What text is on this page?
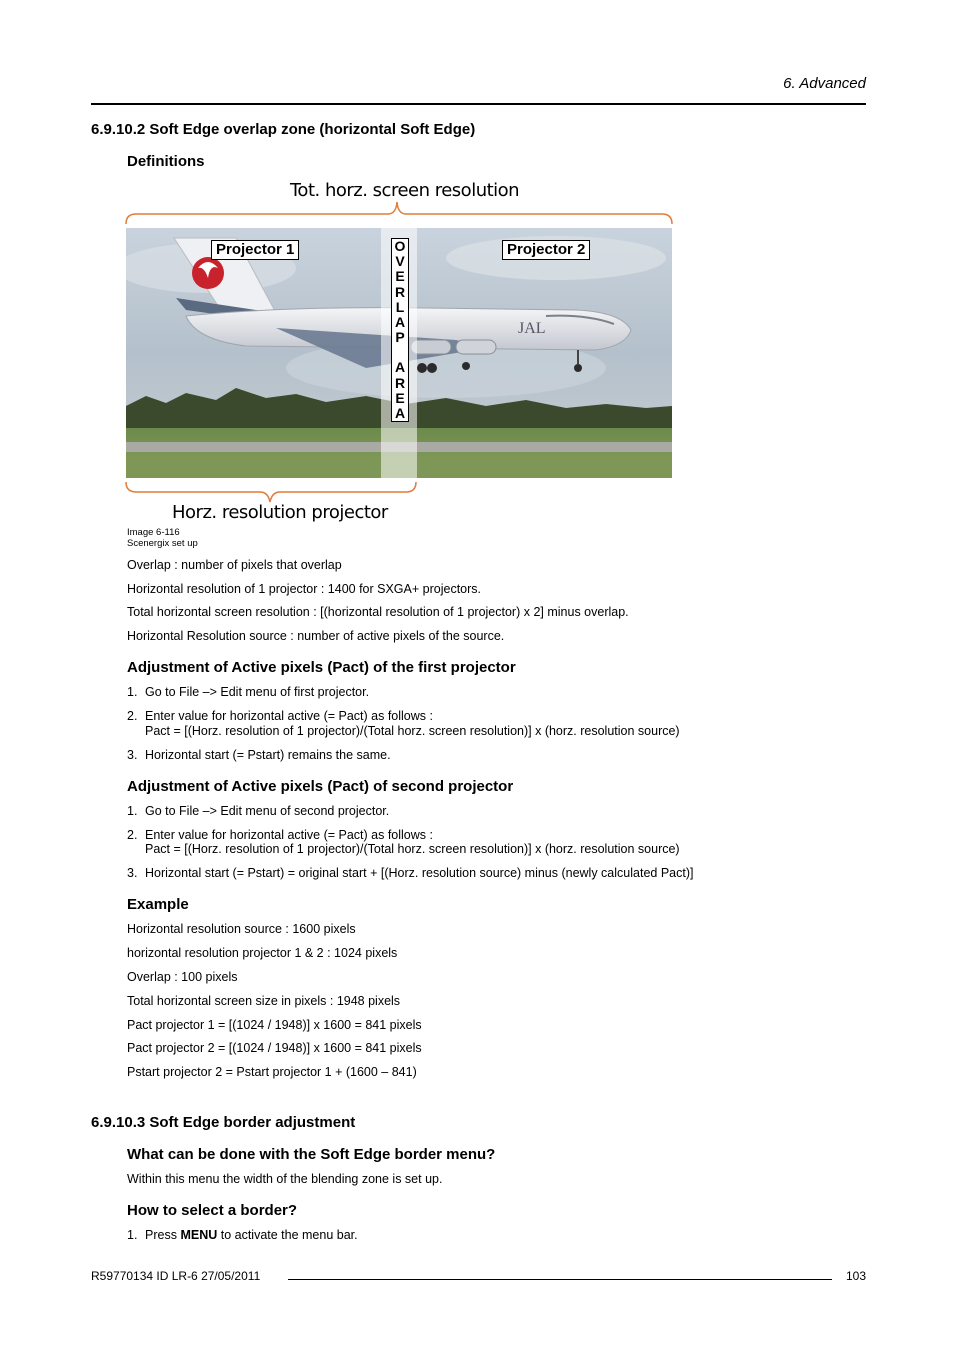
6. Advanced
6.9.10.2 Soft Edge overlap zone (horizontal Soft Edge)
Definitions
Tot. horz. screen resolution
JAL
Projector 1	Projector 2
O
V
E
R
L
A
P
A
R
E
A
Horz. resolution projector
Image 6-116
Scenergix set up
Overlap : number of pixels that overlap
Horizontal resolution of 1 projector : 1400 for SXGA+ projectors.
Total horizontal screen resolution : [(horizontal resolution of 1 projector) x 2] minus overlap.
Horizontal Resolution source : number of active pixels of the source.
Adjustment of Active pixels (Pact) of the first projector
1. Go to File –> Edit menu of first projector.
2. Enter value for horizontal active (= Pact) as follows :
Pact = [(Horz. resolution of 1 projector)/(Total horz. screen resolution)] x (horz. resolution source)
3. Horizontal start (= Pstart) remains the same.
Adjustment of Active pixels (Pact) of second projector
1. Go to File –> Edit menu of second projector.
2. Enter value for horizontal active (= Pact) as follows :
Pact = [(Horz. resolution of 1 projector)/(Total horz. screen resolution)] x (horz. resolution source)
3. Horizontal start (= Pstart) = original start + [(Horz. resolution source) minus (newly calculated Pact)]
Example
Horizontal resolution source : 1600 pixels
horizontal resolution projector 1 & 2 : 1024 pixels
Overlap : 100 pixels
Total horizontal screen size in pixels : 1948 pixels
Pact projector 1 = [(1024 / 1948)] x 1600 = 841 pixels
Pact projector 2 = [(1024 / 1948)] x 1600 = 841 pixels
Pstart projector 2 = Pstart projector 1 + (1600 – 841)
6.9.10.3 Soft Edge border adjustment
What can be done with the Soft Edge border menu?
Within this menu the width of the blending zone is set up.
How to select a border?
1. Press MENU to activate the menu bar.
R59770134 ID LR-6 27/05/2011	103
